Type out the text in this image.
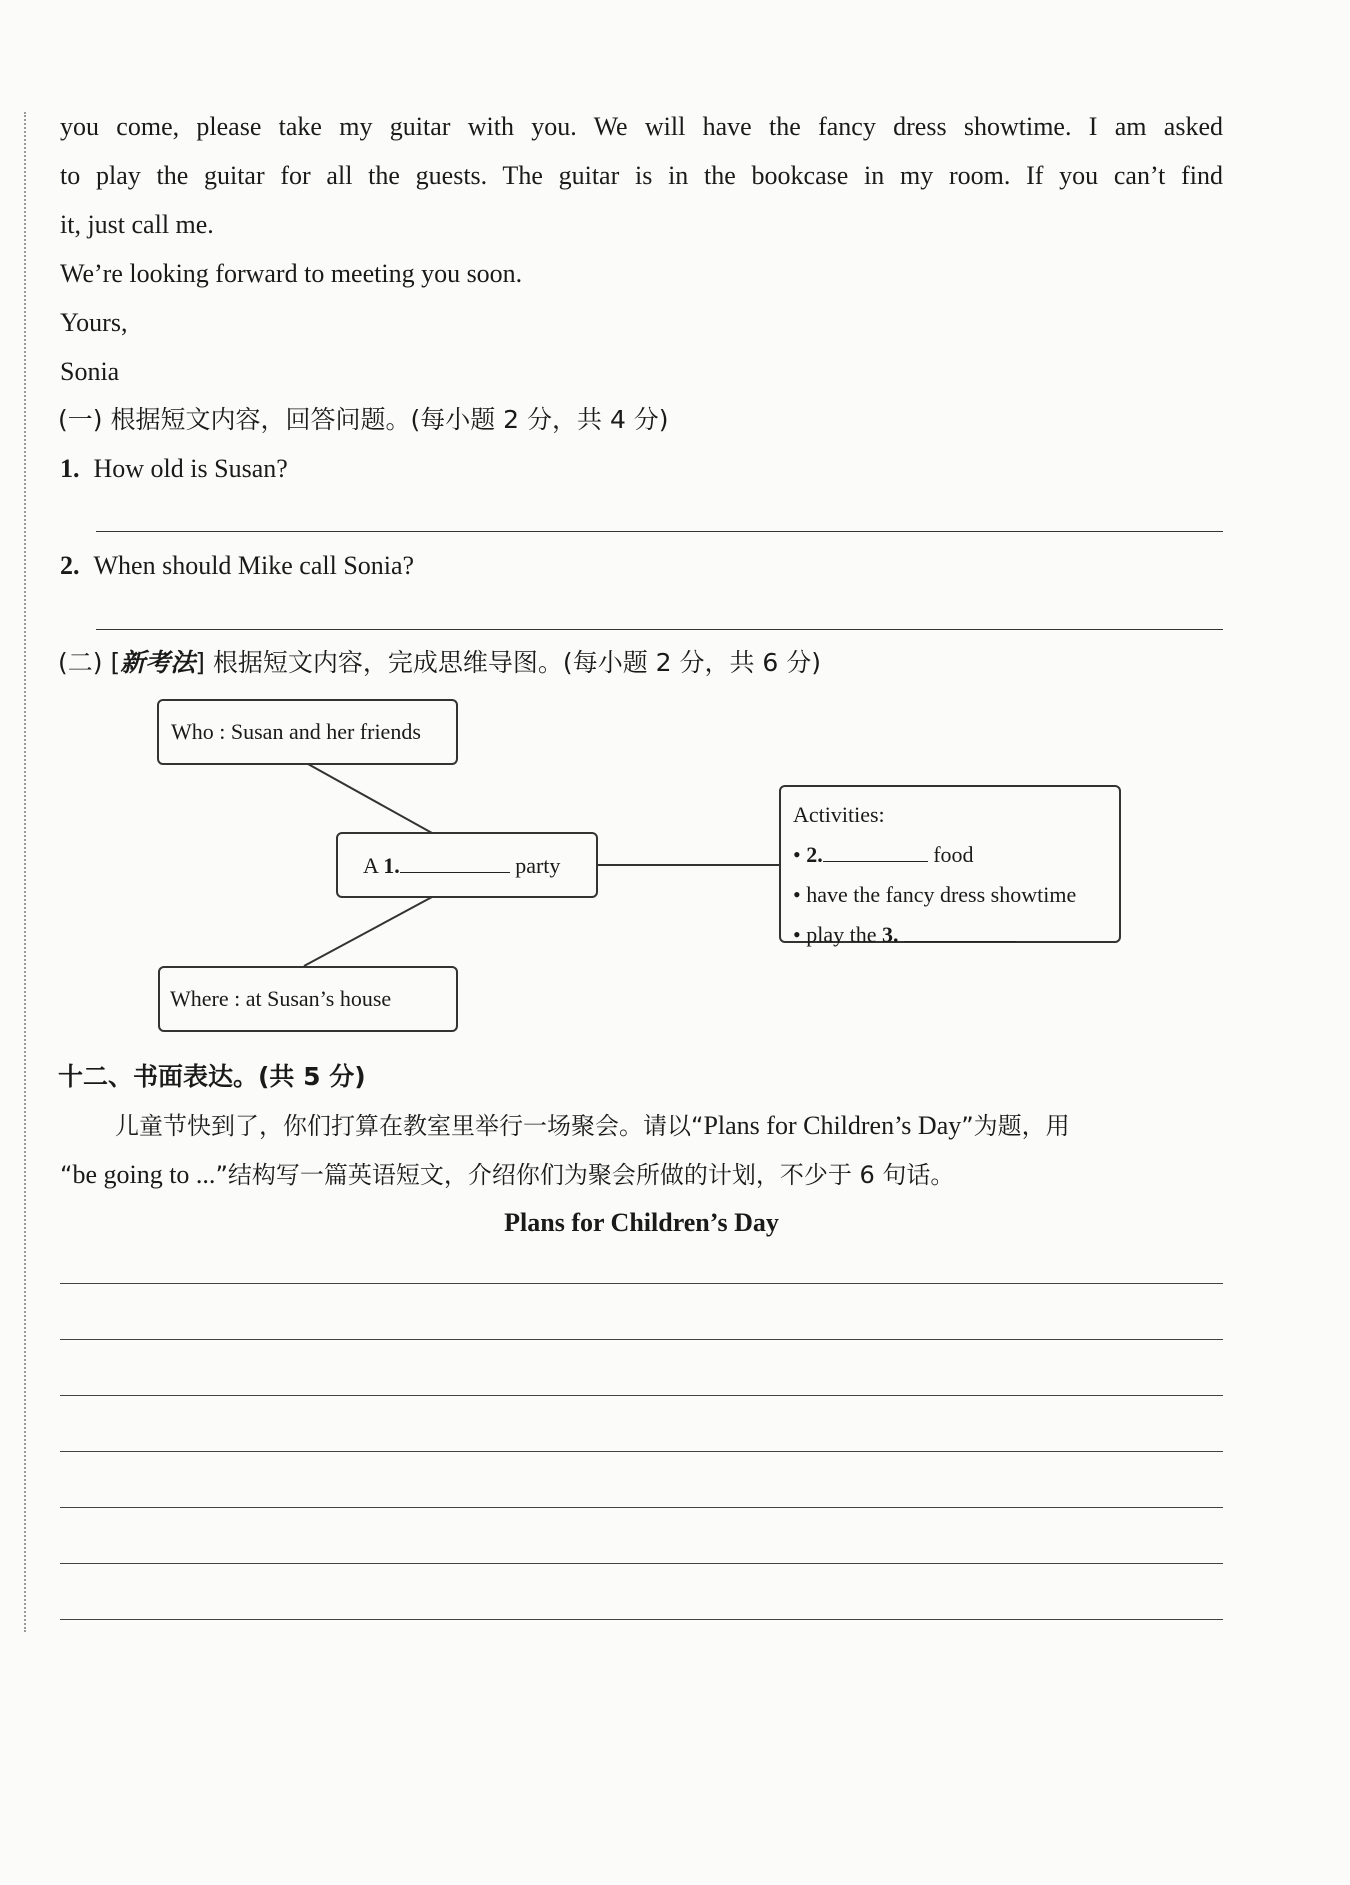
you come, please take my guitar with you. We will have the fancy dress showtime. I am asked
to play the guitar for all the guests. The guitar is in the bookcase in my room. If you can’t find
it, just call me.
We’re looking forward to meeting you soon.
Yours,
Sonia
(一) 根据短文内容，回答问题。(每小题 2 分，共 4 分)
1. How old is Susan?
2. When should Mike call Sonia?
(二) [新考法] 根据短文内容，完成思维导图。(每小题 2 分，共 6 分)
Who : Susan and her friends
A 1.	party
Where : at Susan’s house
Activities:
• 2.	food
• have the fancy dress showtime
• play the 3.
十二、书面表达。(共 5 分)
儿童节快到了，你们打算在教室里举行一场聚会。请以“Plans for Children’s Day”为题，用
“be going to ...”结构写一篇英语短文，介绍你们为聚会所做的计划，不少于 6 句话。
Plans for Children’s Day
